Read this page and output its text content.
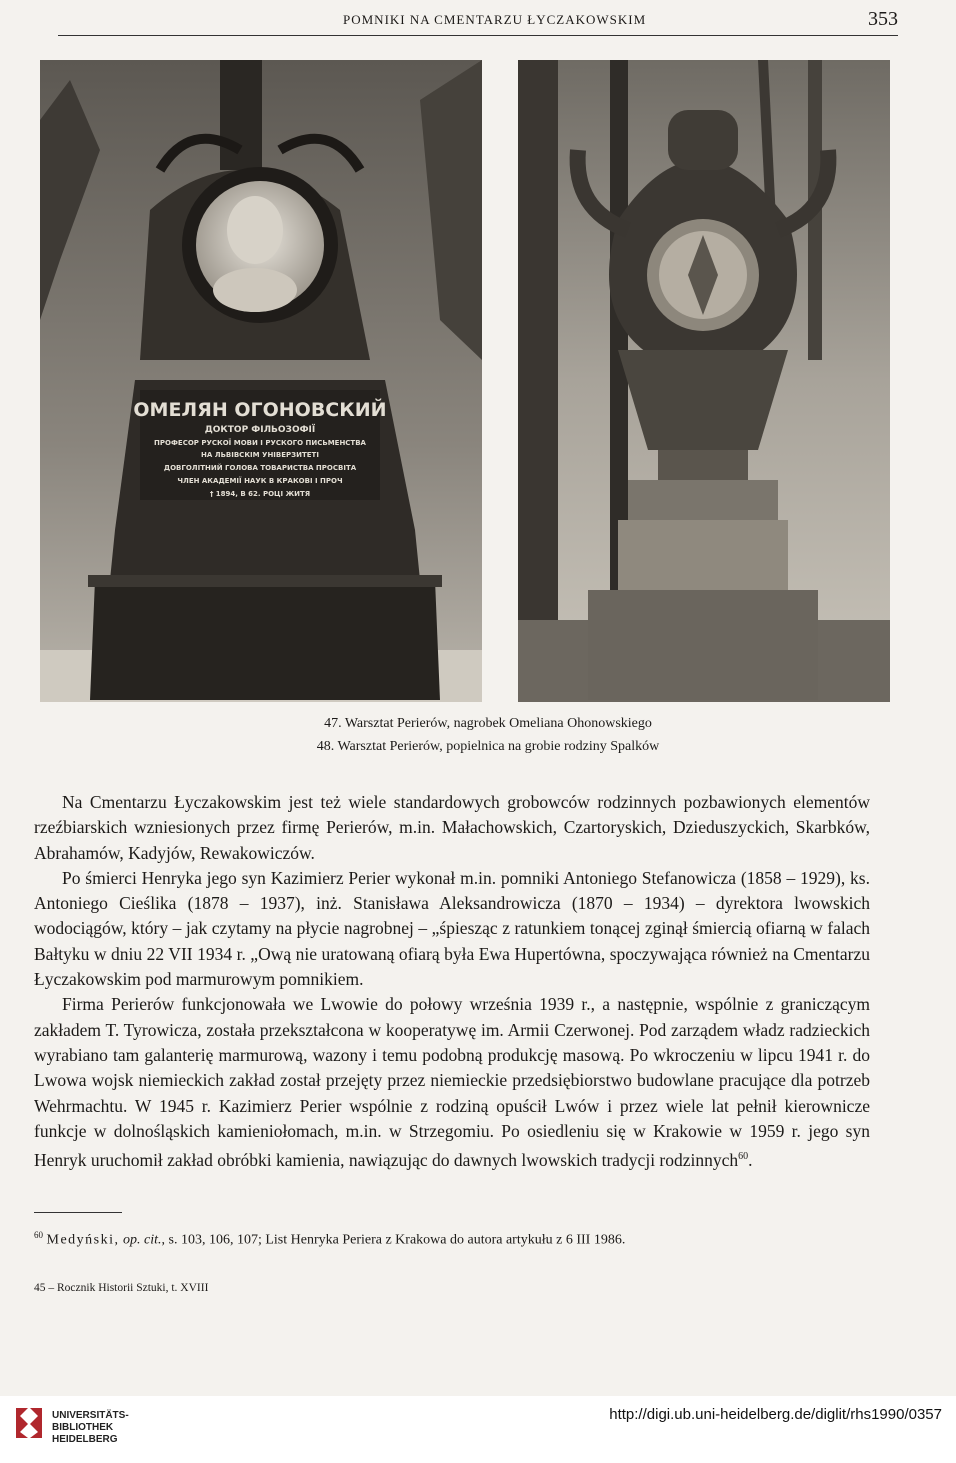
POMNIKI NA CMENTARZU ŁYCZAKOWSKIM	353
ОМЕЛЯН ОГОНОВСКИЙ
ДОКТОР ФІЛЬОЗОФІЇ
ПРОФЕСОР РУСКОЇ МОВИ І РУСКОГО ПИСЬМЕНСТВА
НА ЛЬВІВСКІМ УНІВЕРЗИТЕТІ
ДОВГОЛІТНИЙ ГОЛОВА ТОВАРИСТВА ПРОСВІТА
ЧЛЕН АКАДЕМІЇ НАУК В КРАКОВІ І ПРОЧ
† 1894, В 62. РОЦІ ЖИТЯ
47. Warsztat Perierów, nagrobek Omeliana Ohonowskiego
48. Warsztat Perierów, popielnica na grobie rodziny Spalków

Na Cmentarzu Łyczakowskim jest też wiele standardowych grobowców rodzinnych pozbawionych elementów rzeźbiarskich wzniesionych przez firmę Perierów, m.in. Małachowskich, Czartoryskich, Dzieduszyckich, Skarbków, Abrahamów, Kadyjów, Rewakowiczów.

Po śmierci Henryka jego syn Kazimierz Perier wykonał m.in. pomniki Antoniego Stefanowicza (1858 – 1929), ks. Antoniego Cieślika (1878 – 1937), inż. Stanisława Aleksandrowicza (1870 – 1934) – dyrektora lwowskich wodociągów, który – jak czytamy na płycie nagrobnej – „śpiesząc z ratunkiem tonącej zginął śmiercią ofiarną w falach Bałtyku w dniu 22 VII 1934 r. „Ową nie uratowaną ofiarą była Ewa Hupertówna, spoczywająca również na Cmentarzu Łyczakowskim pod marmurowym pomnikiem.

Firma Perierów funkcjonowała we Lwowie do połowy września 1939 r., a następnie, wspólnie z graniczącym zakładem T. Tyrowicza, została przekształcona w kooperatywę im. Armii Czerwonej. Pod zarządem władz radzieckich wyrabiano tam galanterię marmurową, wazony i temu podobną produkcję masową. Po wkroczeniu w lipcu 1941 r. do Lwowa wojsk niemieckich zakład został przejęty przez niemieckie przedsiębiorstwo budowlane pracujące dla potrzeb Wehrmachtu. W 1945 r. Kazimierz Perier wspólnie z rodziną opuścił Lwów i przez wiele lat pełnił kierownicze funkcje w dolnośląskich kamieniołomach, m.in. w Strzegomiu. Po osiedleniu się w Krakowie w 1959 r. jego syn Henryk uruchomił zakład obróbki kamienia, nawiązując do dawnych lwowskich tradycji rodzinnych$^{60}$.

$^{60}$ Medyński, op. cit., s. 103, 106, 107; List Henryka Periera z Krakowa do autora artykułu z 6 III 1986.
45 – Rocznik Historii Sztuki, t. XVIII
UNIVERSITÄTS-
BIBLIOTHEK
HEIDELBERG
http://digi.ub.uni-heidelberg.de/diglit/rhs1990/0357
